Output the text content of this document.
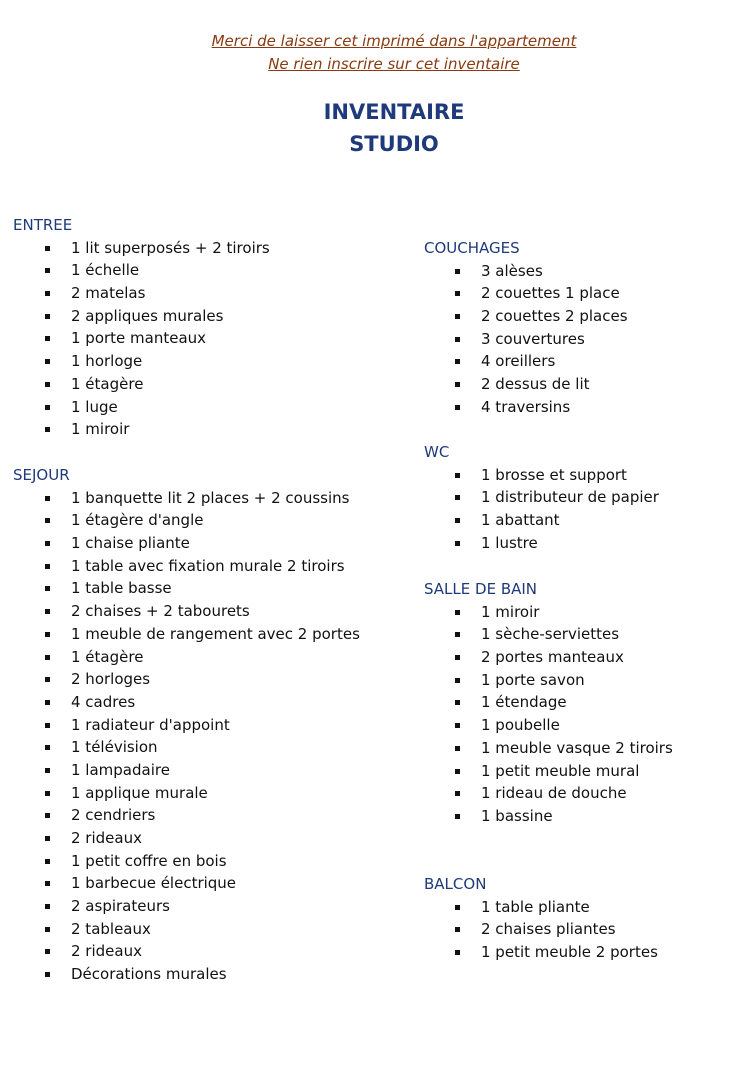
Merci de laisser cet imprimé dans l'appartement
Ne rien inscrire sur cet inventaire
INVENTAIRE
STUDIO
ENTREE
1 lit superposés + 2 tiroirs
1 échelle
2 matelas
2 appliques murales
1 porte manteaux
1 horloge
1 étagère
1 luge
1 miroir
SEJOUR
1 banquette lit 2 places + 2 coussins
1 étagère d'angle
1 chaise pliante
1 table avec fixation murale 2 tiroirs
1 table basse
2 chaises + 2 tabourets
1 meuble de rangement avec 2 portes
1 étagère
2 horloges
4 cadres
1 radiateur d'appoint
1 télévision
1 lampadaire
1 applique murale
2 cendriers
2 rideaux
1 petit coffre en bois
1 barbecue électrique
2 aspirateurs
2 tableaux
2 rideaux
Décorations murales
COUCHAGES
3 alèses
2 couettes 1 place
2 couettes 2 places
3 couvertures
4 oreillers
2 dessus de lit
4 traversins
WC
1 brosse et support
1 distributeur de papier
1 abattant
1 lustre
SALLE DE BAIN
1 miroir
1 sèche-serviettes
2 portes manteaux
1 porte savon
1 étendage
1 poubelle
1 meuble vasque 2 tiroirs
1 petit meuble mural
1 rideau de douche
1 bassine
BALCON
1 table pliante
2 chaises pliantes
1 petit meuble 2 portes
